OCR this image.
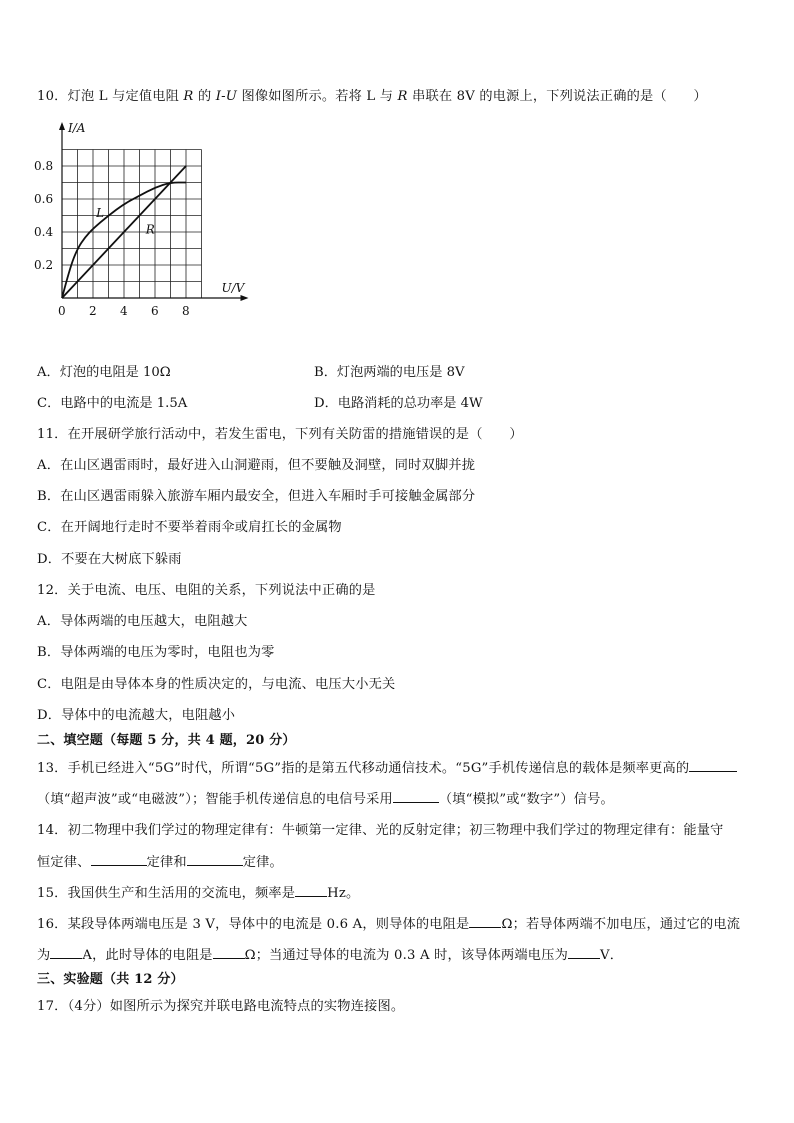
10．灯泡 L 与定值电阻 R 的 I-U 图像如图所示。若将 L 与 R 串联在 8V 的电源上，下列说法正确的是（　　）
I/A
U/V
0 2 4 6 8
0.2
0.4
0.6
0.8
L
R
A．灯泡的电阻是 10Ω	B．灯泡两端的电压是 8V
C．电路中的电流是 1.5A	D．电路消耗的总功率是 4W
11．在开展研学旅行活动中，若发生雷电，下列有关防雷的措施错误的是（　　）
A．在山区遇雷雨时，最好进入山洞避雨，但不要触及洞壁，同时双脚并拢
B．在山区遇雷雨躲入旅游车厢内最安全，但进入车厢时手可接触金属部分
C．在开阔地行走时不要举着雨伞或肩扛长的金属物
D．不要在大树底下躲雨
12．关于电流、电压、电阻的关系，下列说法中正确的是
A．导体两端的电压越大，电阻越大
B．导体两端的电压为零时，电阻也为零
C．电阻是由导体本身的性质决定的，与电流、电压大小无关
D．导体中的电流越大，电阻越小
二、填空题（每题 5 分，共 4 题，20 分）
13．手机已经进入“5G”时代，所谓“5G”指的是第五代移动通信技术。“5G”手机传递信息的载体是频率更高的
（填“超声波”或“电磁波”）；智能手机传递信息的电信号采用	（填“模拟”或“数字”）信号。
14．初二物理中我们学过的物理定律有：牛顿第一定律、光的反射定律；初三物理中我们学过的物理定律有：能量守
恒定律、	定律和	定律。
15．我国供生产和生活用的交流电，频率是 Hz。
16．某段导体两端电压是 3 V，导体中的电流是 0.6 A，则导体的电阻是 Ω；若导体两端不加电压，通过它的电流
为 A，此时导体的电阻是 Ω；当通过导体的电流为 0.3 A 时，该导体两端电压为 V．
三、实验题（共 12 分）
17．（4分）如图所示为探究并联电路电流特点的实物连接图。
